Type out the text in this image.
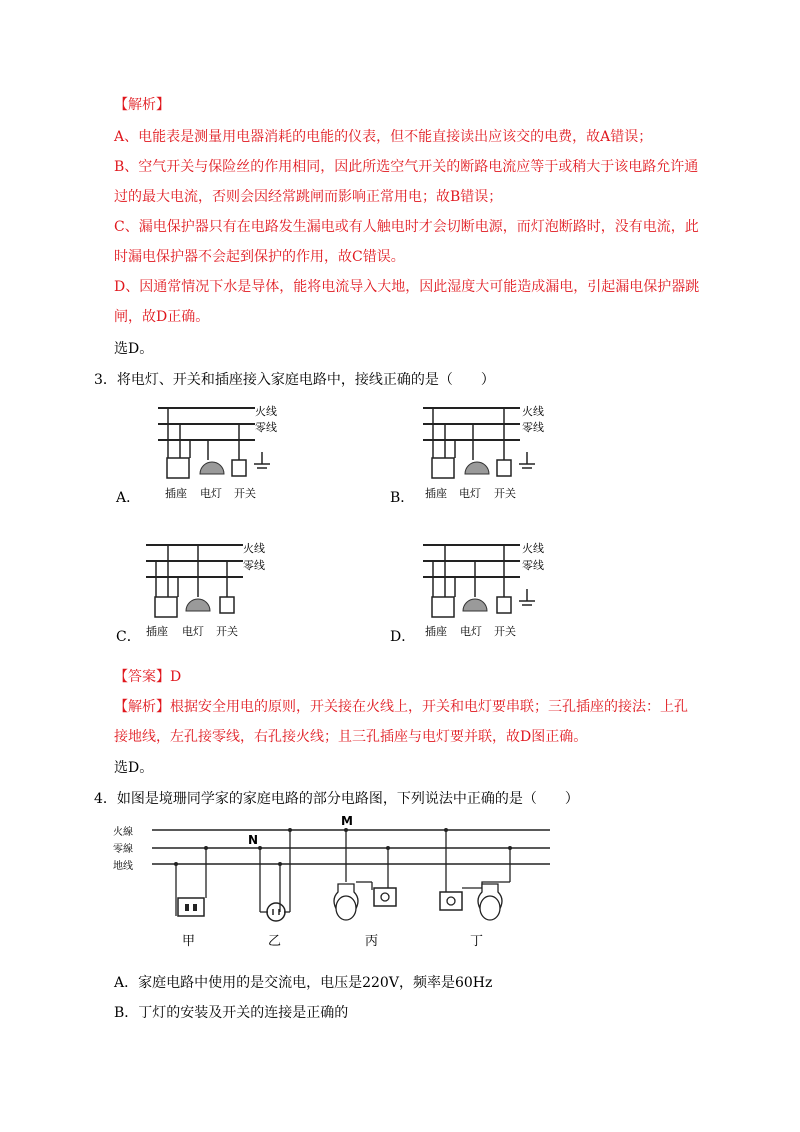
【解析】
A、电能表是测量用电器消耗的电能的仪表，但不能直接读出应该交的电费，故A错误；
B、空气开关与保险丝的作用相同，因此所选空气开关的断路电流应等于或稍大于该电路允许通
过的最大电流，否则会因经常跳闸而影响正常用电；故B错误；
C、漏电保护器只有在电路发生漏电或有人触电时才会切断电源，而灯泡断路时，没有电流，此
时漏电保护器不会起到保护的作用，故C错误。
D、因通常情况下水是导体，能将电流导入大地，因此湿度大可能造成漏电，引起漏电保护器跳
闸，故D正确。
选D。
3．将电灯、开关和插座接入家庭电路中，接线正确的是（　　）
A．
火线
零线
插座 电灯 开关	B．
火线
零线
插座 电灯 开关
C．
火线
零线
插座 电灯 开关	D．
火线
零线
插座 电灯 开关
【答案】D
【解析】根据安全用电的原则，开关接在火线上，开关和电灯要串联；三孔插座的接法：上孔
接地线，左孔接零线，右孔接火线；且三孔插座与电灯要并联，故D图正确。
选D。
4．如图是境珊同学家的家庭电路的部分电路图，下列说法中正确的是（　　）
火線
零線
地线
N
M
甲	乙	丙	丁
A．家庭电路中使用的是交流电，电压是220V，频率是60Hz
B．丁灯的安装及开关的连接是正确的
